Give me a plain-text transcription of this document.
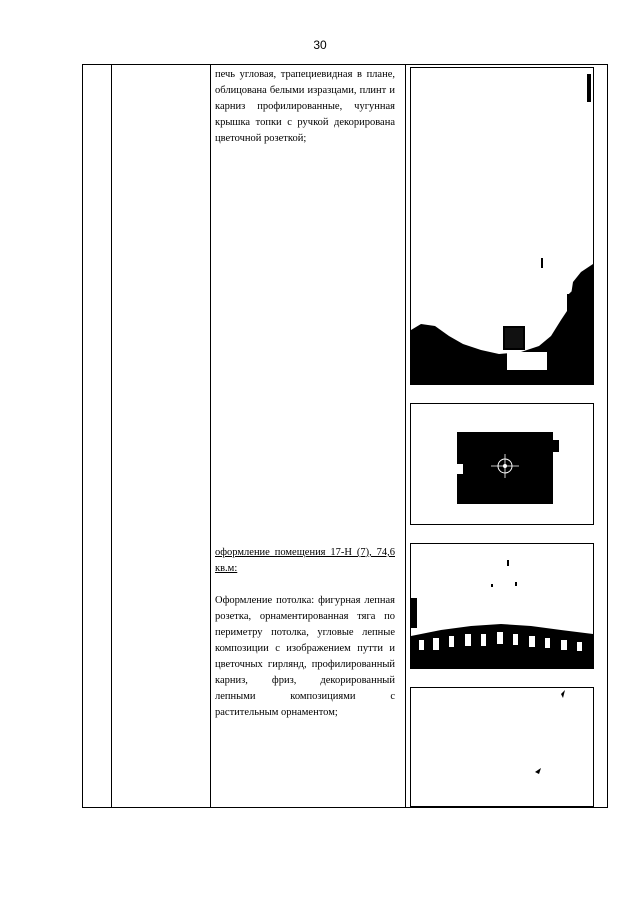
30

печь угловая, трапециевидная в плане, облицована белыми изразцами, плинт и карниз профилированные, чугунная крышка топки с ручкой декорирована цветочной розеткой;

оформление помещения 17-Н (7), 74,6 кв.м:

Оформление потолка: фигурная лепная розетка, орнаментированная тяга по периметру потолка, угловые лепные композиции с изображением путти и цветочных гирлянд, профилированный карниз, фриз, декорированный лепными композициями с растительным орнаментом;
